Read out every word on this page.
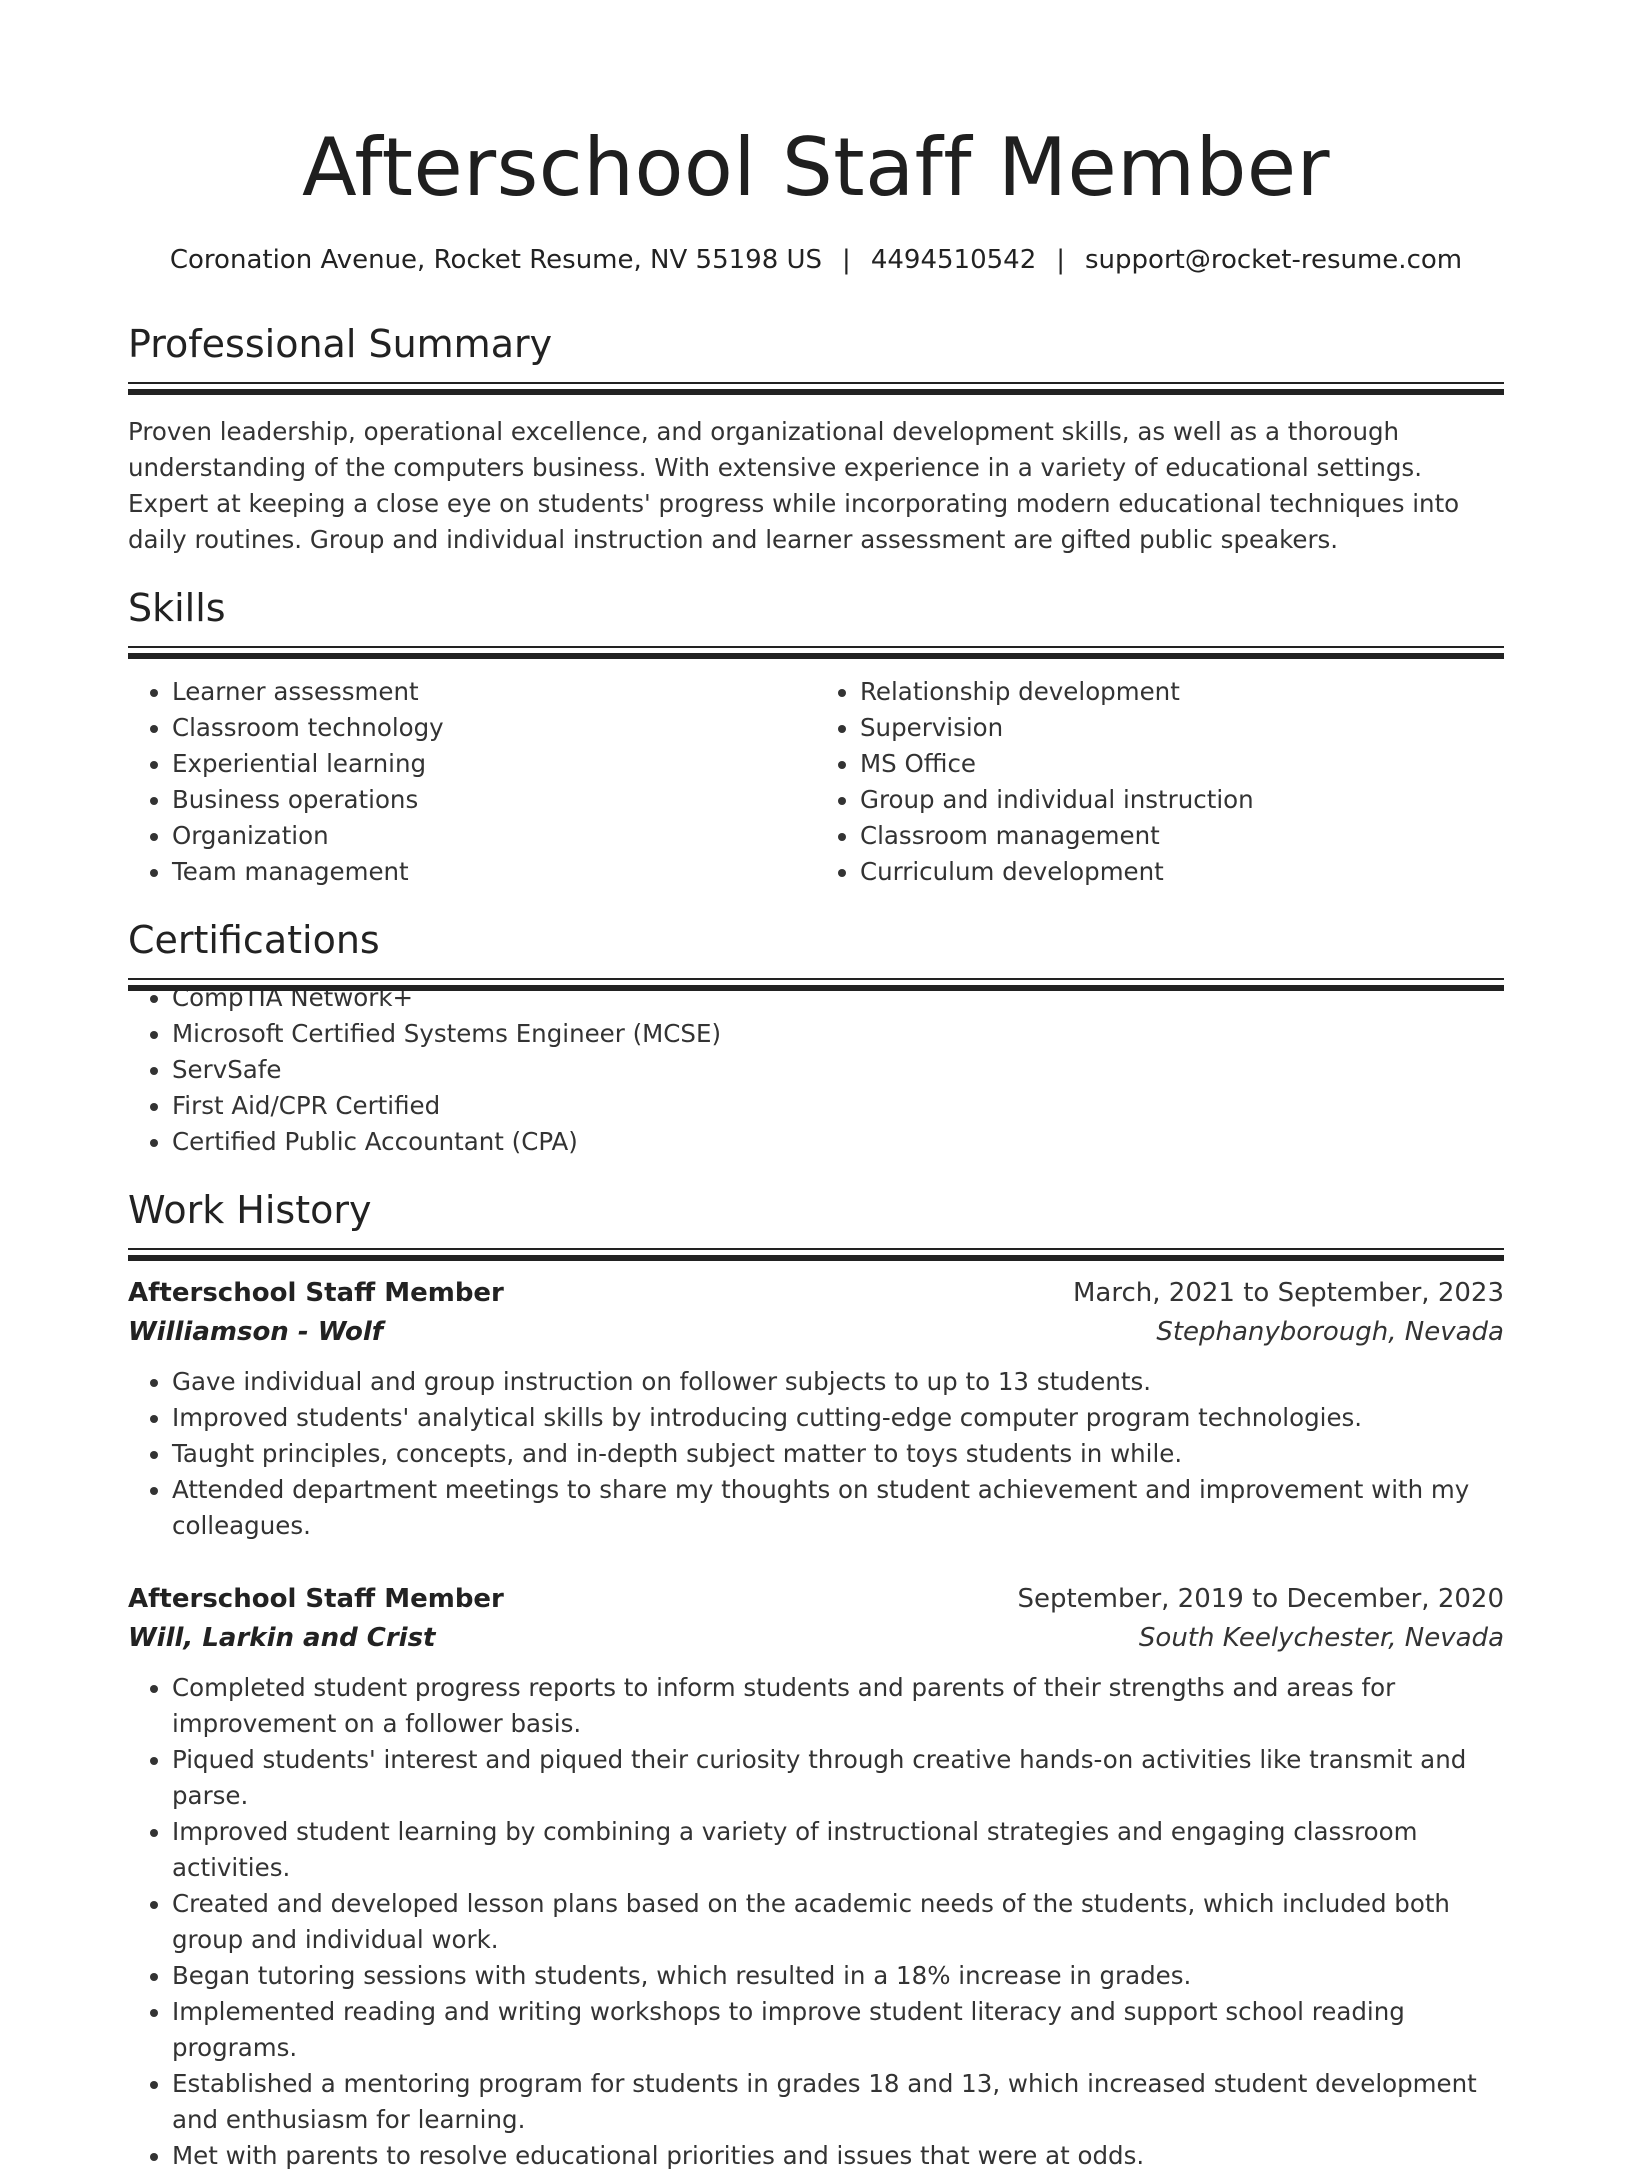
Afterschool Staff Member
Coronation Avenue, Rocket Resume, NV 55198 US | 4494510542 | support@rocket-resume.com
Professional Summary
Proven leadership, operational excellence, and organizational development skills, as well as a thorough understanding of the computers business. With extensive experience in a variety of educational settings. Expert at keeping a close eye on students' progress while incorporating modern educational techniques into daily routines. Group and individual instruction and learner assessment are gifted public speakers.
Skills
• Learner assessment
• Classroom technology
• Experiential learning
• Business operations
• Organization
• Team management
• Relationship development
• Supervision
• MS Office
• Group and individual instruction
• Classroom management
• Curriculum development
Certifications
• CompTIA Network+
• Microsoft Certified Systems Engineer (MCSE)
• ServSafe
• First Aid/CPR Certified
• Certified Public Accountant (CPA)
Work History
Afterschool Staff Member	March, 2021 to September, 2023
Williamson - Wolf	Stephanyborough, Nevada
• Gave individual and group instruction on follower subjects to up to 13 students.
• Improved students' analytical skills by introducing cutting-edge computer program technologies.
• Taught principles, concepts, and in-depth subject matter to toys students in while.
• Attended department meetings to share my thoughts on student achievement and improvement with my colleagues.
Afterschool Staff Member	September, 2019 to December, 2020
Will, Larkin and Crist	South Keelychester, Nevada
• Completed student progress reports to inform students and parents of their strengths and areas for improvement on a follower basis.
• Piqued students' interest and piqued their curiosity through creative hands-on activities like transmit and parse.
• Improved student learning by combining a variety of instructional strategies and engaging classroom activities.
• Created and developed lesson plans based on the academic needs of the students, which included both group and individual work.
• Began tutoring sessions with students, which resulted in a 18% increase in grades.
• Implemented reading and writing workshops to improve student literacy and support school reading programs.
• Established a mentoring program for students in grades 18 and 13, which increased student development and enthusiasm for learning.
• Met with parents to resolve educational priorities and issues that were at odds.
